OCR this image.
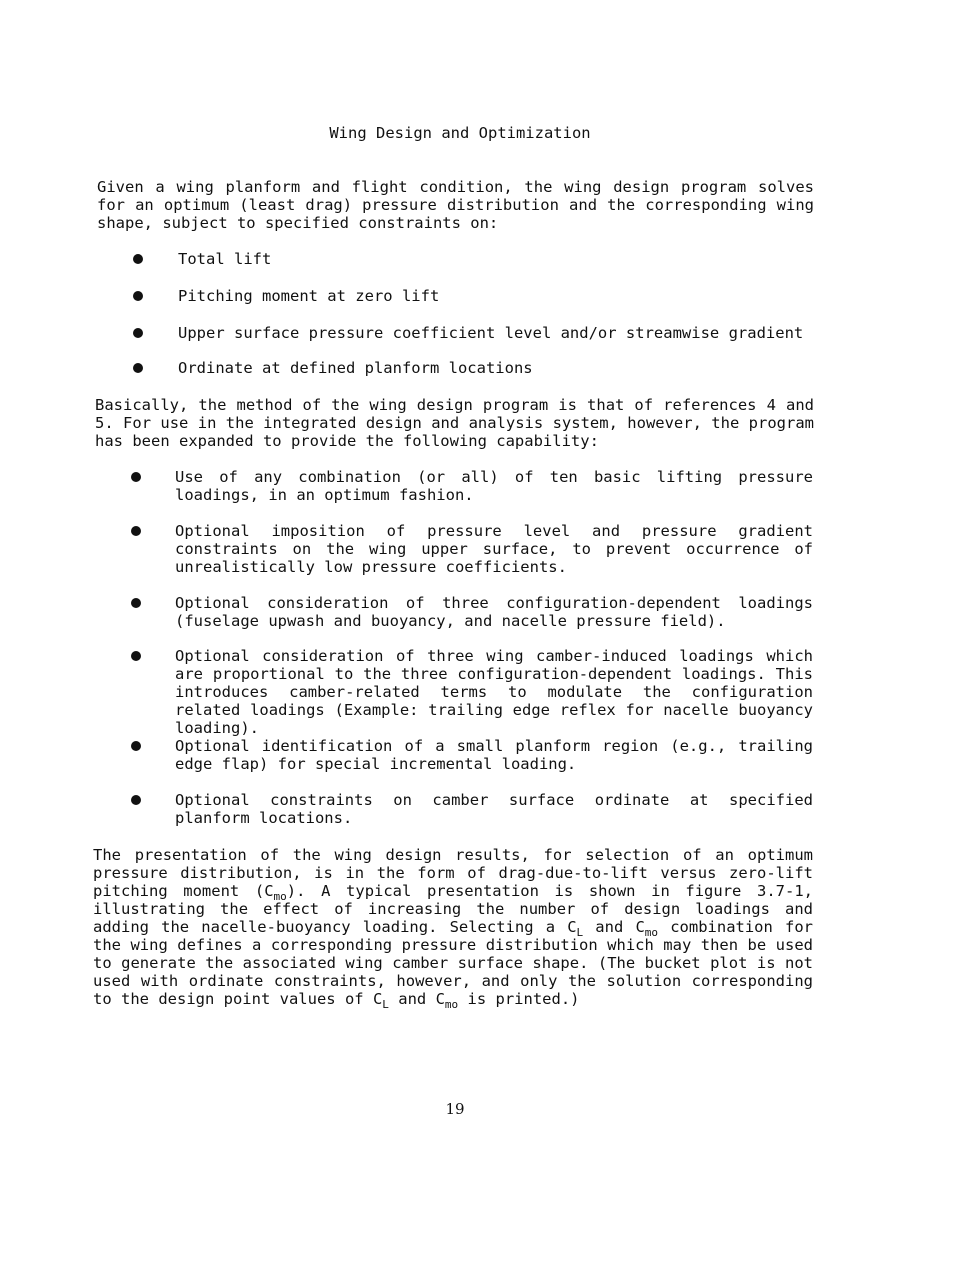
Wing Design and Optimization
Given a wing planform and flight condition, the wing design program solves for an optimum (least drag) pressure distribution and the corresponding wing shape, subject to specified constraints on:
Total lift
Pitching moment at zero lift
Upper surface pressure coefficient level and/or streamwise gradient
Ordinate at defined planform locations
Basically, the method of the wing design program is that of references 4 and 5. For use in the integrated design and analysis system, however, the program has been expanded to provide the following capability:
Use of any combination (or all) of ten basic lifting pressure loadings, in an optimum fashion.
Optional imposition of pressure level and pressure gradient constraints on the wing upper surface, to prevent occurrence of unrealistically low pressure coefficients.
Optional consideration of three configuration-dependent loadings (fuselage upwash and buoyancy, and nacelle pressure field).
Optional consideration of three wing camber-induced loadings which are proportional to the three configuration-dependent loadings. This introduces camber-related terms to modulate the configuration related loadings (Example: trailing edge reflex for nacelle buoyancy loading).
Optional identification of a small planform region (e.g., trailing edge flap) for special incremental loading.
Optional constraints on camber surface ordinate at specified planform locations.
The presentation of the wing design results, for selection of an optimum pressure distribution, is in the form of drag-due-to-lift versus zero-lift pitching moment $(C_{mo})$. A typical presentation is shown in figure 3.7-1, illustrating the effect of increasing the number of design loadings and adding the nacelle-buoyancy loading. Selecting a $C_L$ and $C_{mo}$ combination for the wing defines a corresponding pressure distribution which may then be used to generate the associated wing camber surface shape. (The bucket plot is not used with ordinate constraints, however, and only the solution corresponding to the design point values of $C_L$ and $C_{mo}$ is printed.)
19
